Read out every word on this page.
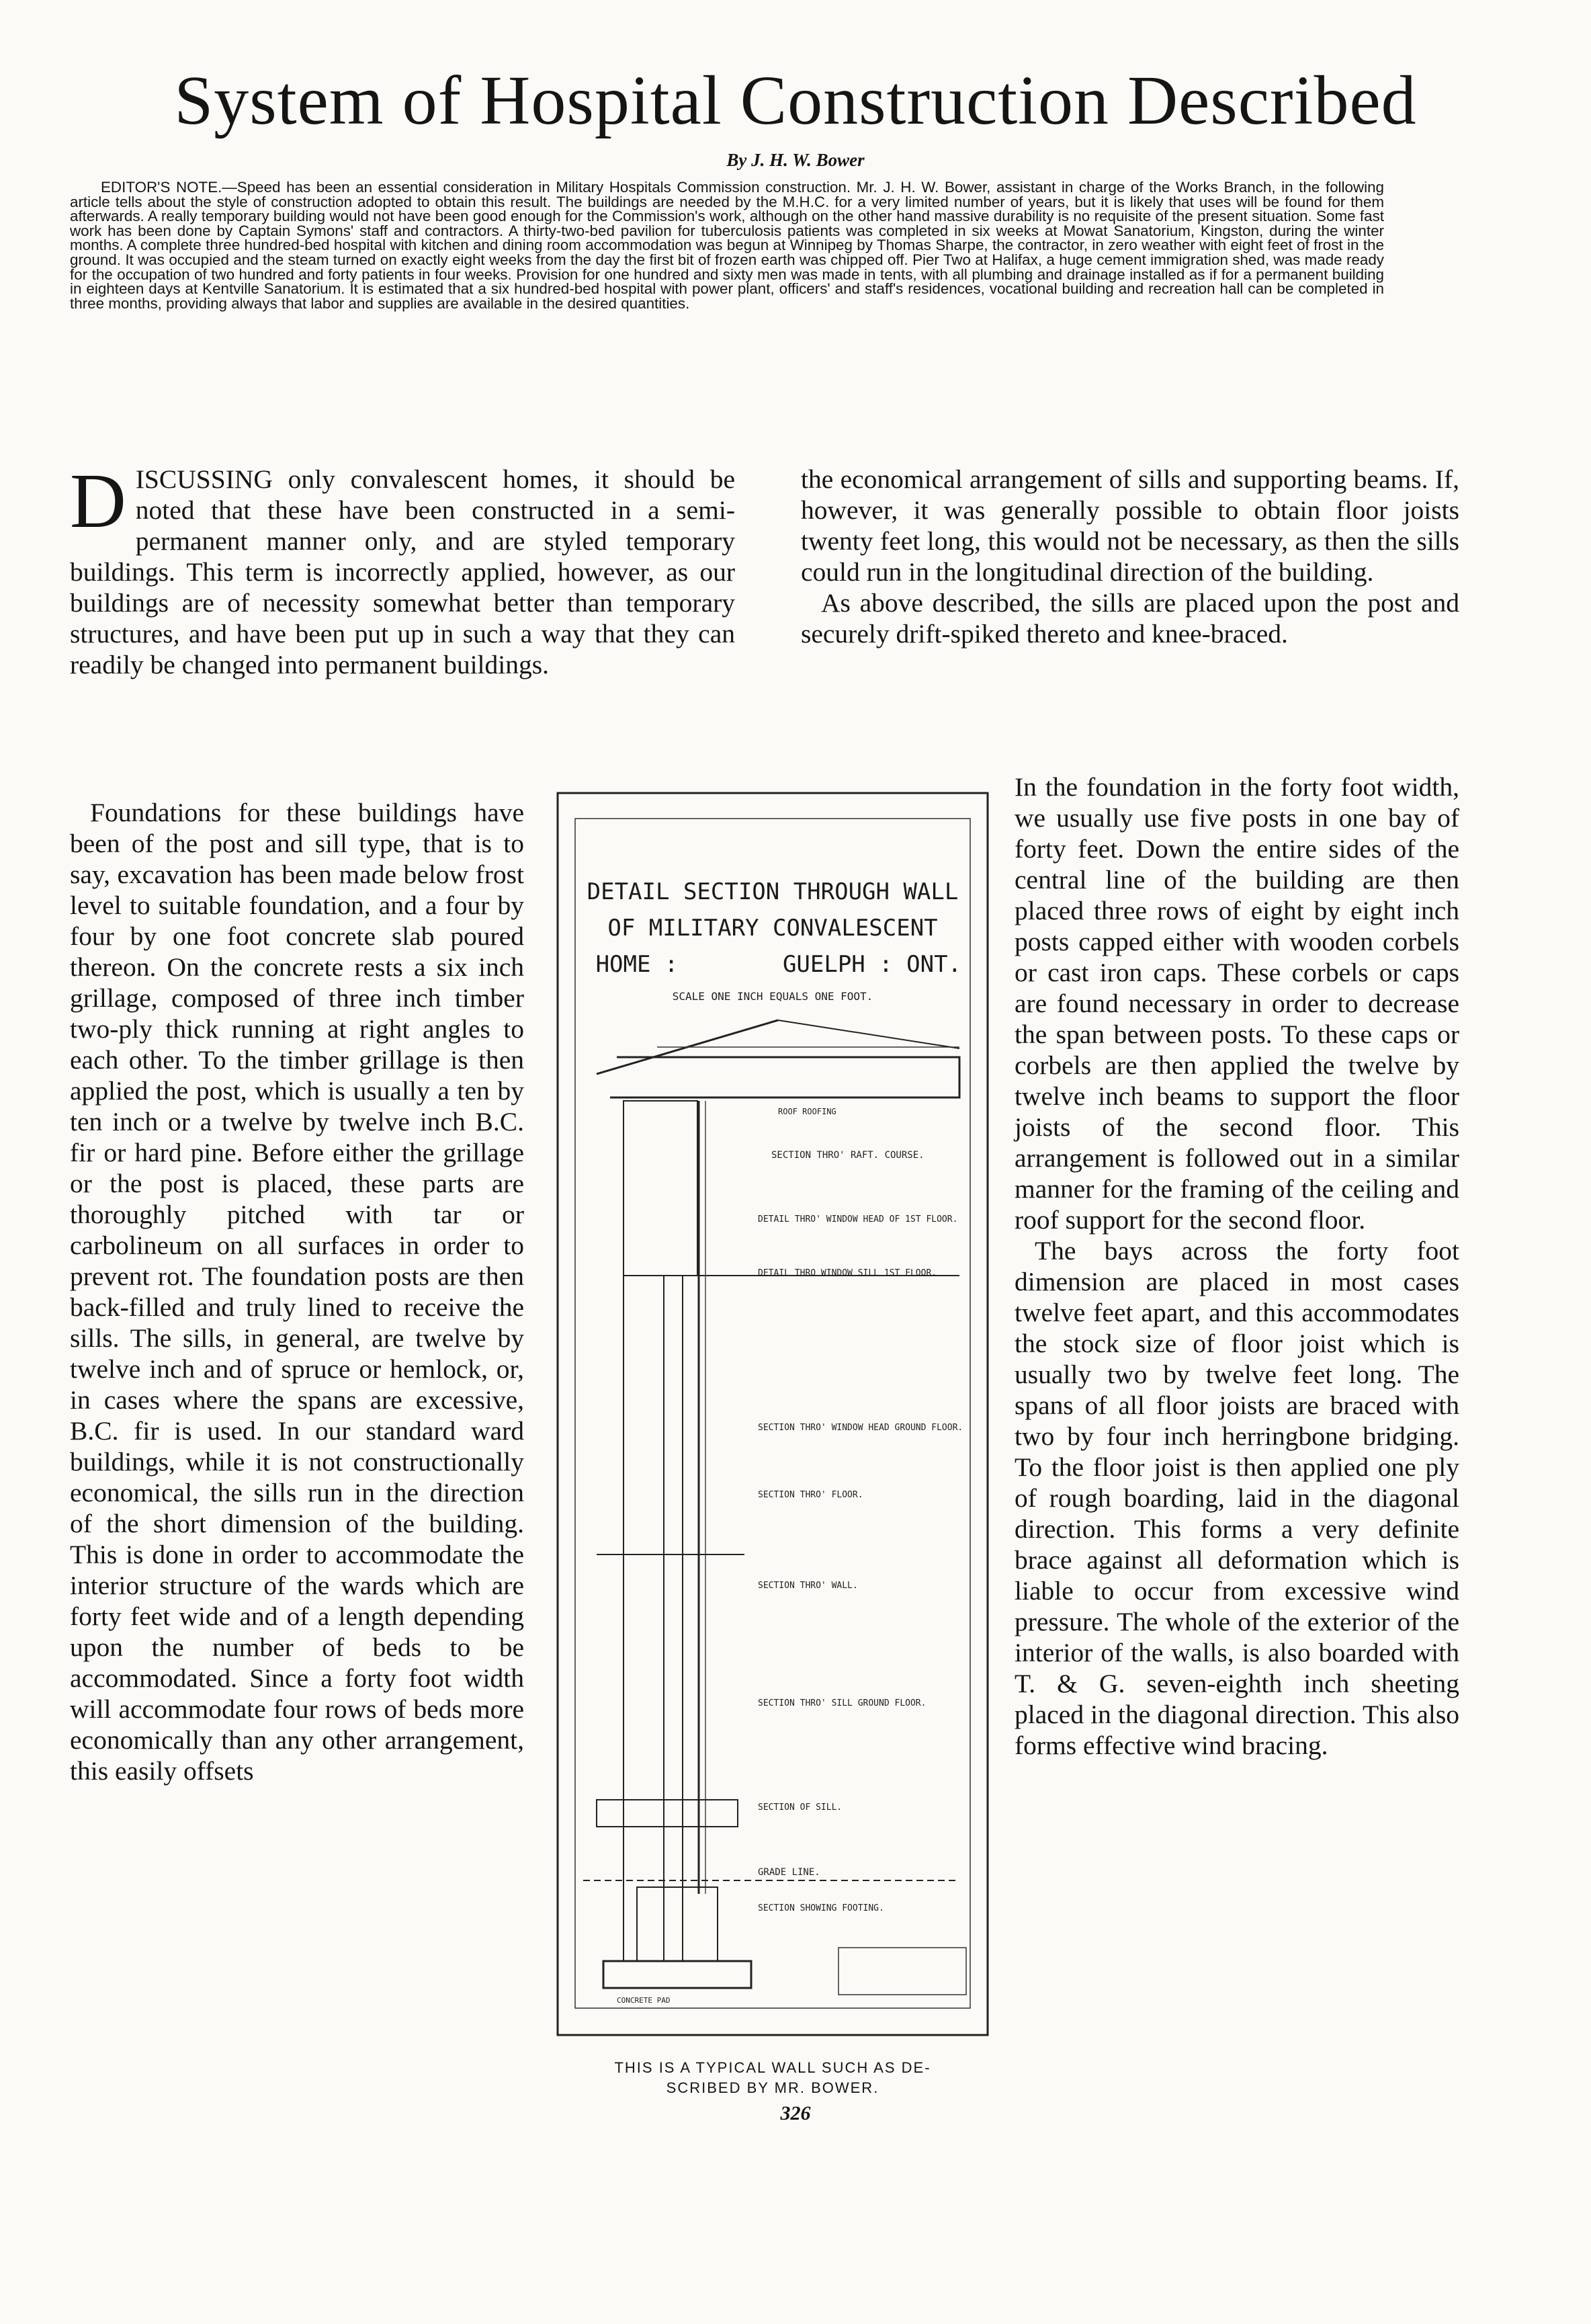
System of Hospital Construction Described

By J. H. W. Bower

EDITOR'S NOTE.—Speed has been an essential consideration in Military Hospitals Commission construction. Mr. J. H. W. Bower, assistant in charge of the Works Branch, in the following article tells about the style of construction adopted to obtain this result. The buildings are needed by the M.H.C. for a very limited number of years, but it is likely that uses will be found for them afterwards. A really temporary building would not have been good enough for the Commission's work, although on the other hand massive durability is no requisite of the present situation. Some fast work has been done by Captain Symons' staff and contractors. A thirty-two-bed pavilion for tuberculosis patients was completed in six weeks at Mowat Sanatorium, Kingston, during the winter months. A complete three hundred-bed hospital with kitchen and dining room accommodation was begun at Winnipeg by Thomas Sharpe, the contractor, in zero weather with eight feet of frost in the ground. It was occupied and the steam turned on exactly eight weeks from the day the first bit of frozen earth was chipped off. Pier Two at Halifax, a huge cement immigration shed, was made ready for the occupation of two hundred and forty patients in four weeks. Provision for one hundred and sixty men was made in tents, with all plumbing and drainage installed as if for a permanent building in eighteen days at Kentville Sanatorium. It is estimated that a six hundred-bed hospital with power plant, officers' and staff's residences, vocational building and recreation hall can be completed in three months, providing always that labor and supplies are available in the desired quantities.

DISCUSSING only convalescent homes, it should be noted that these have been constructed in a semi-permanent manner only, and are styled temporary buildings. This term is incorrectly applied, however, as our buildings are of necessity somewhat better than temporary structures, and have been put up in such a way that they can readily be changed into permanent buildings.

Foundations for these buildings have been of the post and sill type, that is to say, excavation has been made below frost level to suitable foundation, and a four by four by one foot concrete slab poured thereon. On the concrete rests a six inch grillage, composed of three inch timber two-ply thick running at right angles to each other. To the timber grillage is then applied the post, which is usually a ten by ten inch or a twelve by twelve inch B.C. fir or hard pine. Before either the grillage or the post is placed, these parts are thoroughly pitched with tar or carbolineum on all surfaces in order to prevent rot. The foundation posts are then back-filled and truly lined to receive the sills. The sills, in general, are twelve by twelve inch and of spruce or hemlock, or, in cases where the spans are excessive, B.C. fir is used. In our standard ward buildings, while it is not constructionally economical, the sills run in the direction of the short dimension of the building. This is done in order to accommodate the interior structure of the wards which are forty feet wide and of a length depending upon the number of beds to be accommodated. Since a forty foot width will accommodate four rows of beds more economically than any other arrangement, this easily offsets

the economical arrangement of sills and supporting beams. If, however, it was generally possible to obtain floor joists twenty feet long, this would not be necessary, as then the sills could run in the longitudinal direction of the building.

As above described, the sills are placed upon the post and securely drift-spiked thereto and knee-braced.

In the foundation in the forty foot width, we usually use five posts in one bay of forty feet. Down the entire sides of the central line of the building are then placed three rows of eight by eight inch posts capped either with wooden corbels or cast iron caps. These corbels or caps are found necessary in order to decrease the span between posts. To these caps or corbels are then applied the twelve by twelve inch beams to support the floor joists of the second floor. This arrangement is followed out in a similar manner for the framing of the ceiling and roof support for the second floor.

The bays across the forty foot dimension are placed in most cases twelve feet apart, and this accommodates the stock size of floor joist which is usually two by twelve feet long. The spans of all floor joists are braced with two by four inch herringbone bridging. To the floor joist is then applied one ply of rough boarding, laid in the diagonal direction. This forms a very definite brace against all deformation which is liable to occur from excessive wind pressure. The whole of the exterior of the interior of the walls, is also boarded with T. & G. seven-eighth inch sheeting placed in the diagonal direction. This also forms effective wind bracing.

DETAIL SECTION THROUGH WALL
OF MILITARY CONVALESCENT
HOME :	GUELPH : ONT.
SCALE ONE INCH EQUALS ONE FOOT.
ROOF ROOFING
SECTION THRO' RAFT. COURSE.
DETAIL THRO' WINDOW HEAD OF 1ST FLOOR.
DETAIL THRO WINDOW SILL 1ST FLOOR.
SECTION THRO' WINDOW HEAD GROUND FLOOR.
SECTION THRO' FLOOR.
SECTION THRO' WALL.
SECTION THRO' SILL GROUND FLOOR.
SECTION OF SILL.
GRADE LINE.
SECTION SHOWING FOOTING.
CONCRETE PAD

THIS IS A TYPICAL WALL SUCH AS DE-
SCRIBED BY MR. BOWER.

326
